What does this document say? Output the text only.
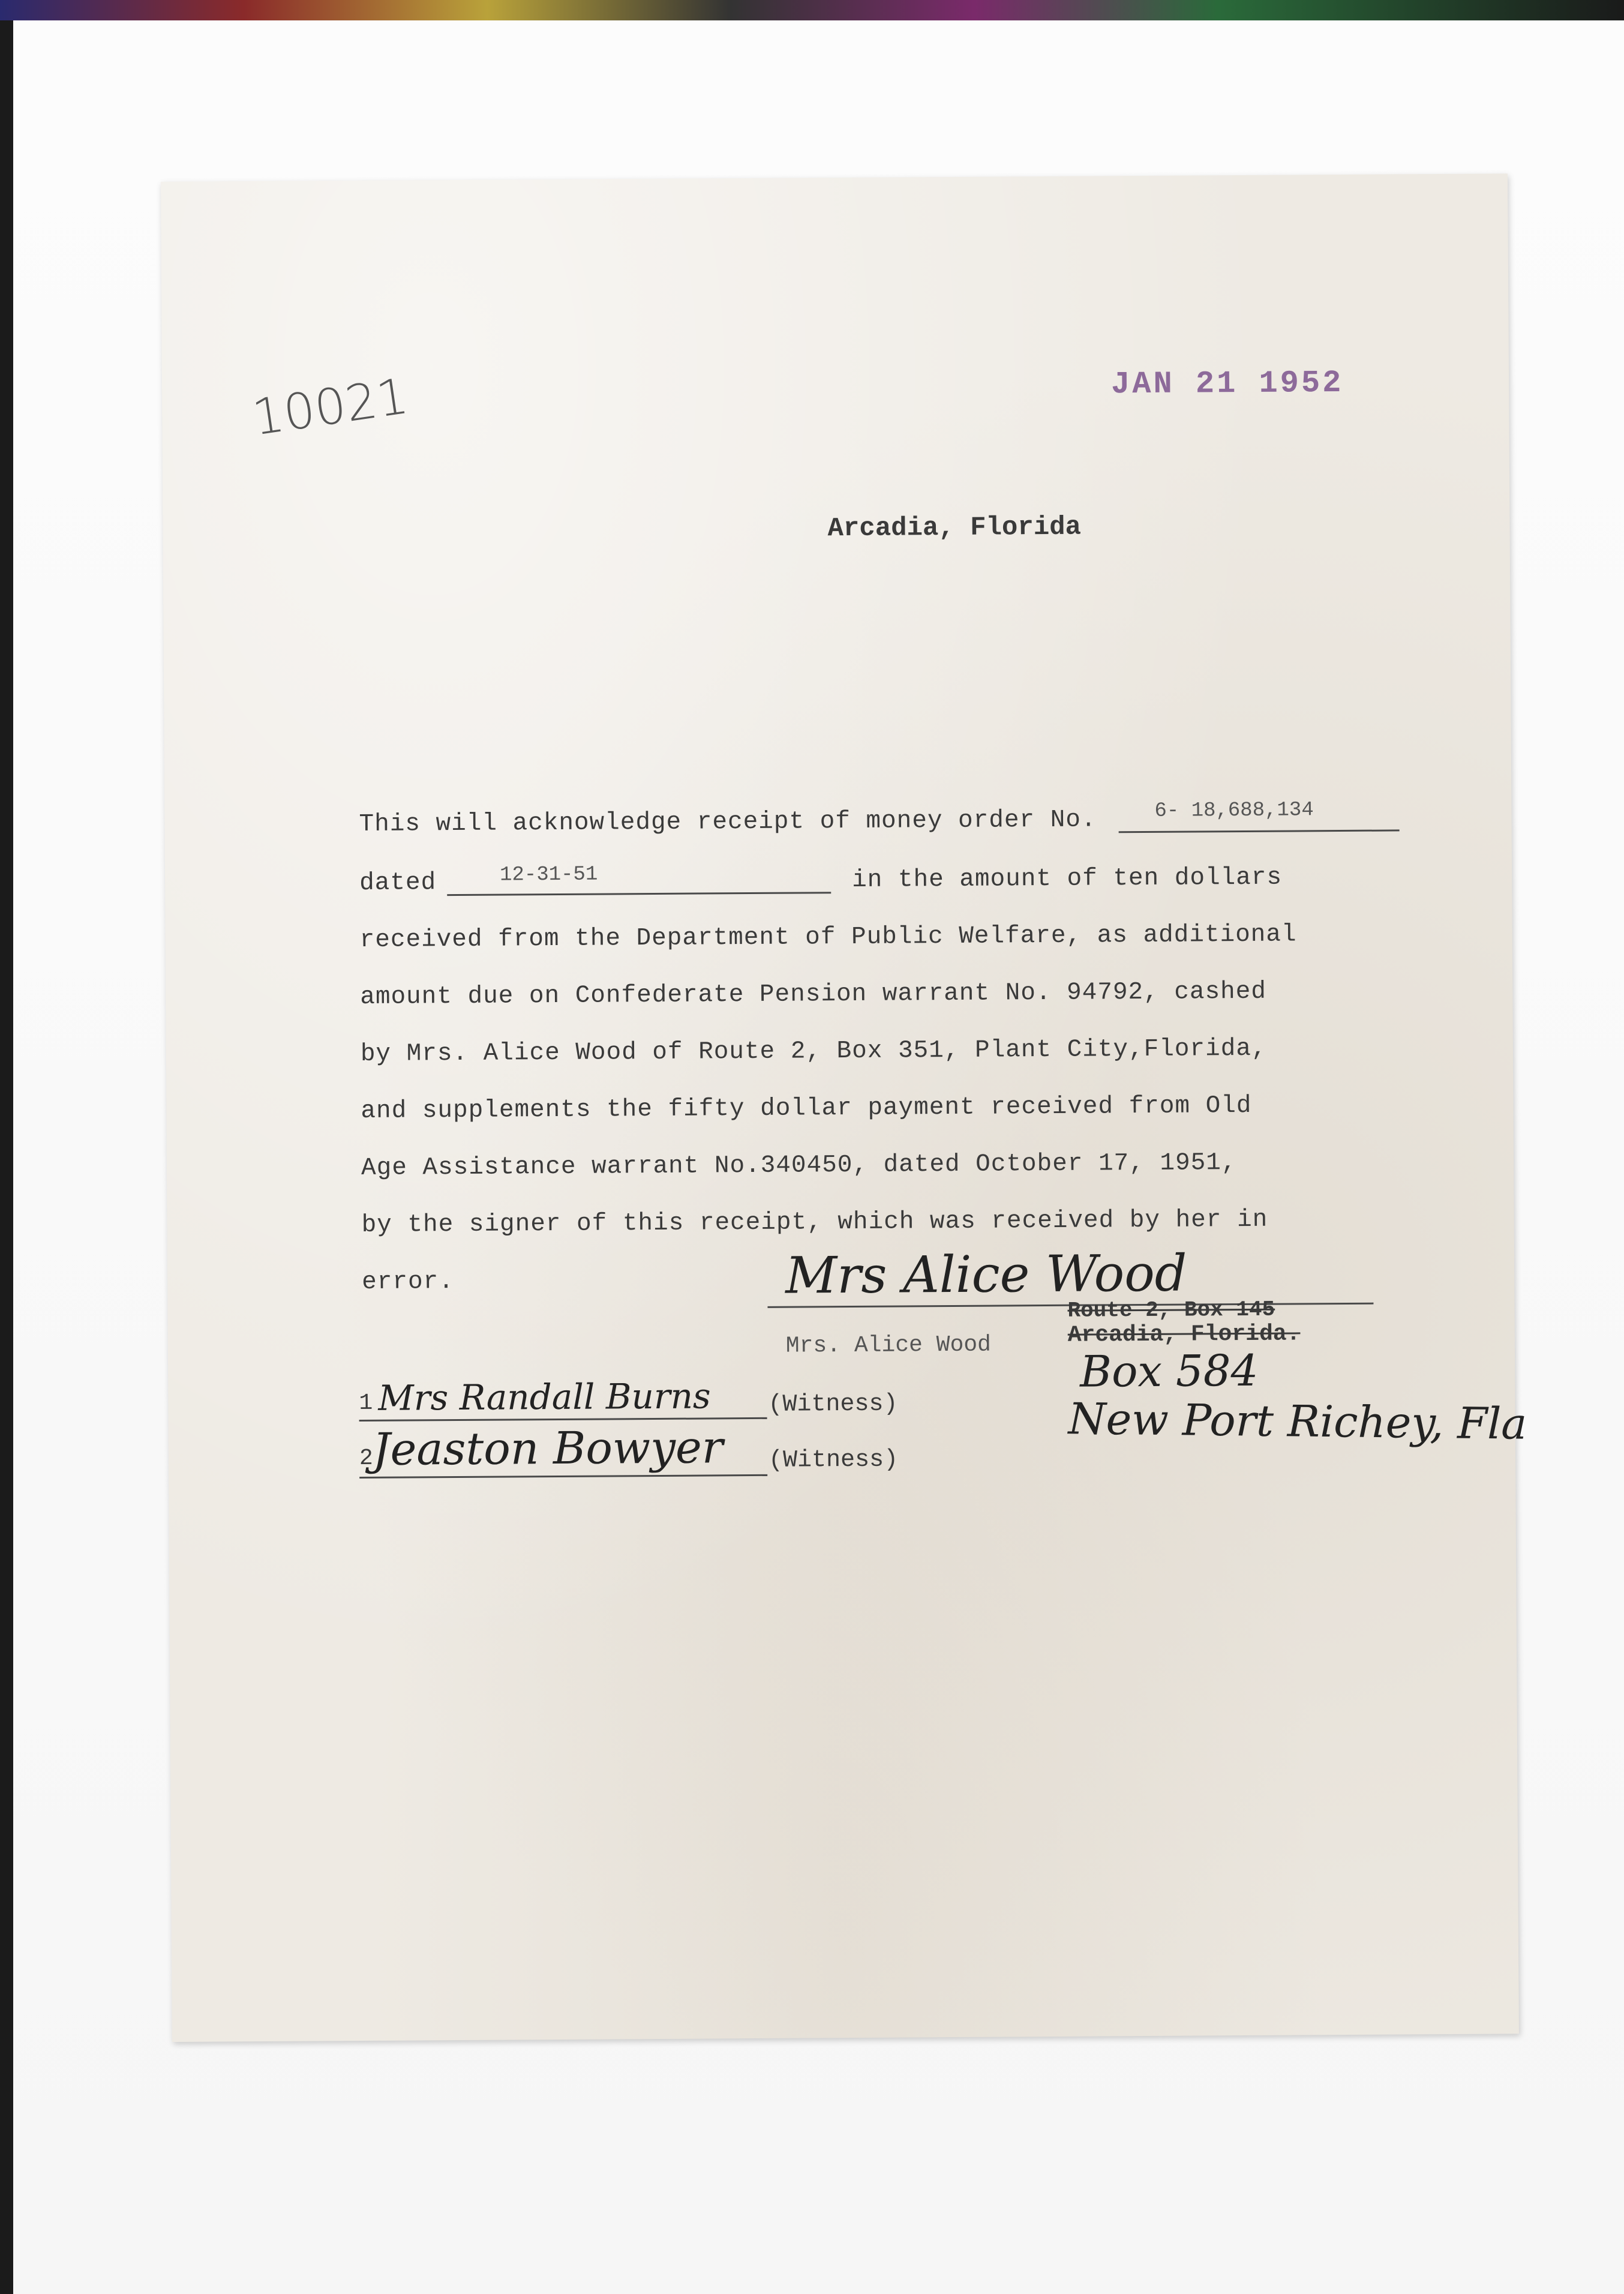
10021	JAN 21 1952
Arcadia, Florida
This will acknowledge receipt of money order No.	6- 18,688,134
dated	12-31-51	in the amount of ten dollars
received from the Department of Public Welfare, as additional
amount due on Confederate Pension warrant No. 94792, cashed
by Mrs. Alice Wood of Route 2, Box 351, Plant City,Florida,
and supplements the fifty dollar payment received from Old
Age Assistance warrant No.340450, dated October 17, 1951,
by the signer of this receipt, which was received by her in
error.	Mrs Alice Wood
Mrs. Alice Wood
Route 2, Box 145
Arcadia, Florida.
Box 584
New Port Richey, Fla
1 Mrs Randall Burns (Witness)
2
Jeaston Bowyer (Witness)
